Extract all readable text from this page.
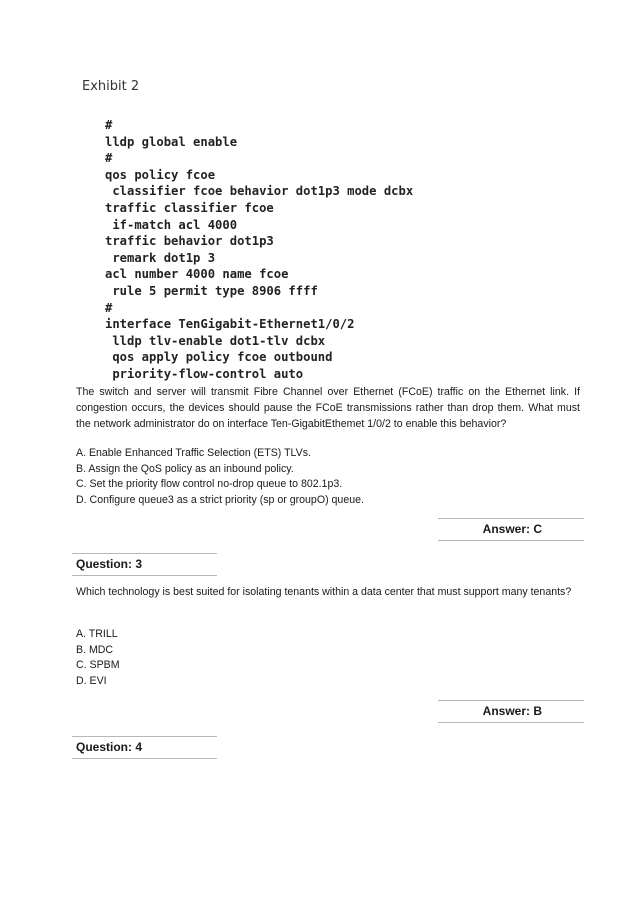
Exhibit 2
#
lldp global enable
#
qos policy fcoe
classifier fcoe behavior dot1p3 mode dcbx
traffic classifier fcoe
if-match acl 4000
traffic behavior dot1p3
remark dot1p 3
acl number 4000 name fcoe
rule 5 permit type 8906 ffff
#
interface TenGigabit-Ethernet1/0/2
lldp tlv-enable dot1-tlv dcbx
qos apply policy fcoe outbound
priority-flow-control auto

The switch and server will transmit Fibre Channel over Ethernet (FCoE) traffic on the Ethernet link. If congestion occurs, the devices should pause the FCoE transmissions rather than drop them. What must the network administrator do on interface Ten-GigabitEthemet 1/0/2 to enable this behavior?

A. Enable Enhanced Traffic Selection (ETS) TLVs.
B. Assign the QoS policy as an inbound policy.
C. Set the priority flow control no-drop queue to 802.1p3.
D. Configure queue3 as a strict priority (sp or groupO) queue.
Answer: C
Question: 3

Which technology is best suited for isolating tenants within a data center that must support many tenants?

A. TRILL
B. MDC
C. SPBM
D. EVI
Answer: B
Question: 4
